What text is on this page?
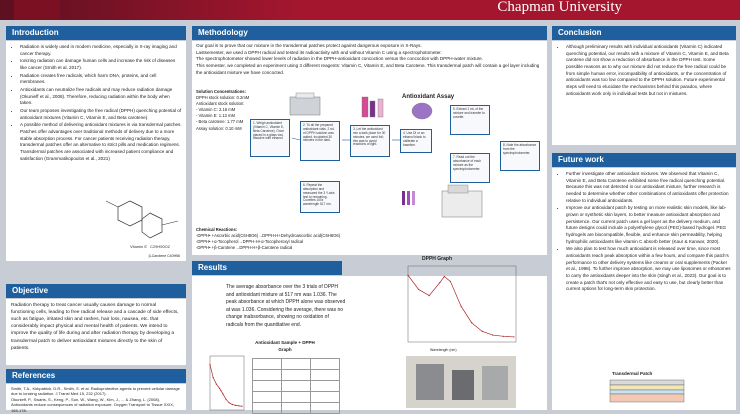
Chapman University
Introduction
• Radiation is widely used in modern medicine, especially in X-ray imaging and cancer therapy.
• Ionizing radiation can damage human cells and increase the risk of diseases like cancer (Smith et al. 2017).
• Radiation creates free radicals, which harm DNA, proteins, and cell membranes.
• Antioxidants can neutralize free radicals and may reduce radiation damage (Okunieff et al., 2008). Therefore, reducing radiation within the body when taken.
• Our team proposes investigating the free radical (DPPH) quenching potential of antioxidant mixtures (Vitamin C, Vitamin E, and Beta carotene).
• A possible method of delivering antioxidant mixtures is via transdermal patches. Patches offer advantages over traditional methods of delivery due to a more stable absorption process. For cancer patients receiving radiation therapy, transdermal patches offer an alternative to strict pills and medication regimens. Transdermal patches are associated with increased patient compliance and satisfaction (Grammatikopoulos et al., 2021)
Vitamin E C29H50O2
β-Carotene C40H56
Objective
Radiation therapy to treat cancer usually causes damage to normal functioning cells, leading to free radical release and a cascade of side effects, such as fatigue, irritated skin and rashes, hair loss, nausea, etc. that considerably impact physical and mental health of patients. We intend to improve the quality of life during and after radiation therapy by developing a transdermal patch to deliver antioxidant mixtures directly to the skin of patients.
References
Smith, T.A., Kirkpatrick, D.R., Smith, S. et al. Radioprotective agents to prevent cellular damage due to ionizing radiation. J Transl Med 15, 232 (2017).
Okunieff, P., Swarts, S., Keng, P., Sun, W., Wang, W., Kim, J., ... & Zhang, L. (2008). Antioxidants reduce consequences of radiation exposure. Oxygen Transport to Tissue XXIX, 165-178.
Methodology
Our goal is to prove that our mixture in the transdermal patches protect against dangerous exposure in X-Rays.
Lastsemester, we used a DPPH radical and tested its radioactivity with and without Vitamin C using a spectrophotometer.
The spectrophotometer showed lower levels of radiation in the DPPH-antioxidant concoction versus the concoction with DPPH-water mixture.
This semester, we completed an experiment using 3 different reagents: Vitamin C, Vitamin E, and Beta Carotene. This transdermal patch will contain a gel layer including the antioxidant mixture we have concocted.
Solution Concentrations:
DPPH stock solution: 0.2mM
Antioxidant stock solution:
- Vitamin C: 2.16 mM
- Vitamin E: 1.13 mM
- Beta carotene: 1.77 mM
Assay solution: 0.10 mM
Antioxidant Assay
1. Weigh antioxidant (Vitamin C, Vitamin E, Beta Carotene). Once placed in a glass vial, dissolve with ethanol.
2. To all the prepared antioxidant vials, 2 mL of DPPH solution was added. Incubated 30 minutes in the dark.
3. Let the antioxidant mix a dark place for 30 minutes, we used foil; this was to avoid reactions of light.
4. Use DI or an ethanol blank to calibrate a baseline.
5. Extract 1 mL of the mixture and transfer to cuvette.
6. Repeat the absorption and measured the 3 Y-axis test to remaining. Cuvettes 100x wavelength 517 nm.
7. Read out the absorbance of each mixture as the spectrophotometer.
8. Note the absorbance from the spectrophotometer.
Chemical Reactions:
-DPPH• +Ascorbic acid(C6H8O6)→DPPH-H+Dehydroascorbic acid(C6H6O6)
-DPPH• +α-Tocopherol→DPPH-H+α-Tocopheroxyl radical
-DPPH• +β-Carotene→DPPH-H+β-Carotene radical
Results
The average absorbance over the 3 trials of DPPH and antioxidant mixture at 517 nm was 1.036. The peak absorbance at which DPPH alone was observed at was 1.036. Considering the average, there was no change inabsorbance, showing no oxidation of radicals from the quantitative end.
Antioxidant Sample + DPPH Graph

DPPH Graph
Wavelength (nm)
Conclusion
• Although preliminary results with individual antioxidants (Vitamin C) indicated quenching potential, our results with a mixture of Vitamin C, Vitamin E, and Beta carotene did not show a reduction of absorbance in the DPPH test. Some possible reasons as to why our mixture did not reduce the free radical could be from simple human error, incompatibility of antioxidants, or the concentration of antioxidants was too low compared to the DPPH solution. Future experimental steps will need to elucidate the mechanisms behind this paradox, where antioxidants work only in individual tests but not in mixtures.
Future work
• Further investigate other antioxidant mixtures. We observed that Vitamin C, Vitamin E, and Beta Carotene exhibited some free radical quenching potential. Because this was not detected in our antioxidant mixture, further research is needed to determine whether other combinations of antioxidants offer protection relative to individual antioxidants.
• Improve our antioxidant patch by testing on more realistic skin models, like lab-grown or synthetic skin layers, to better measure antioxidant absorption and persistence. Our current patch uses a gel layer as the delivery medium, and future designs could include a polyethylene glycol (PEG)-based hydrogel. PEG hydrogels are biocompatible, flexible, and enhance skin permeability, helping hydrophilic antioxidants like vitamin C absorb better (Kaur & Kanwar, 2020).
• We also plan to test how much antioxidant is released over time, since most antioxidants reach peak absorption within a few hours, and compare this patch's performance to other delivery systems like creams or oral supplements (Packer et al., 1998). To further improve absorption, we may use liposomes or ethosomes to carry the antioxidants deeper into the skin (Singh et al., 2023). Our goal is to create a patch that's not only effective and easy to use, but clearly better than current options for long-term skin protection.
Transdermal Patch
